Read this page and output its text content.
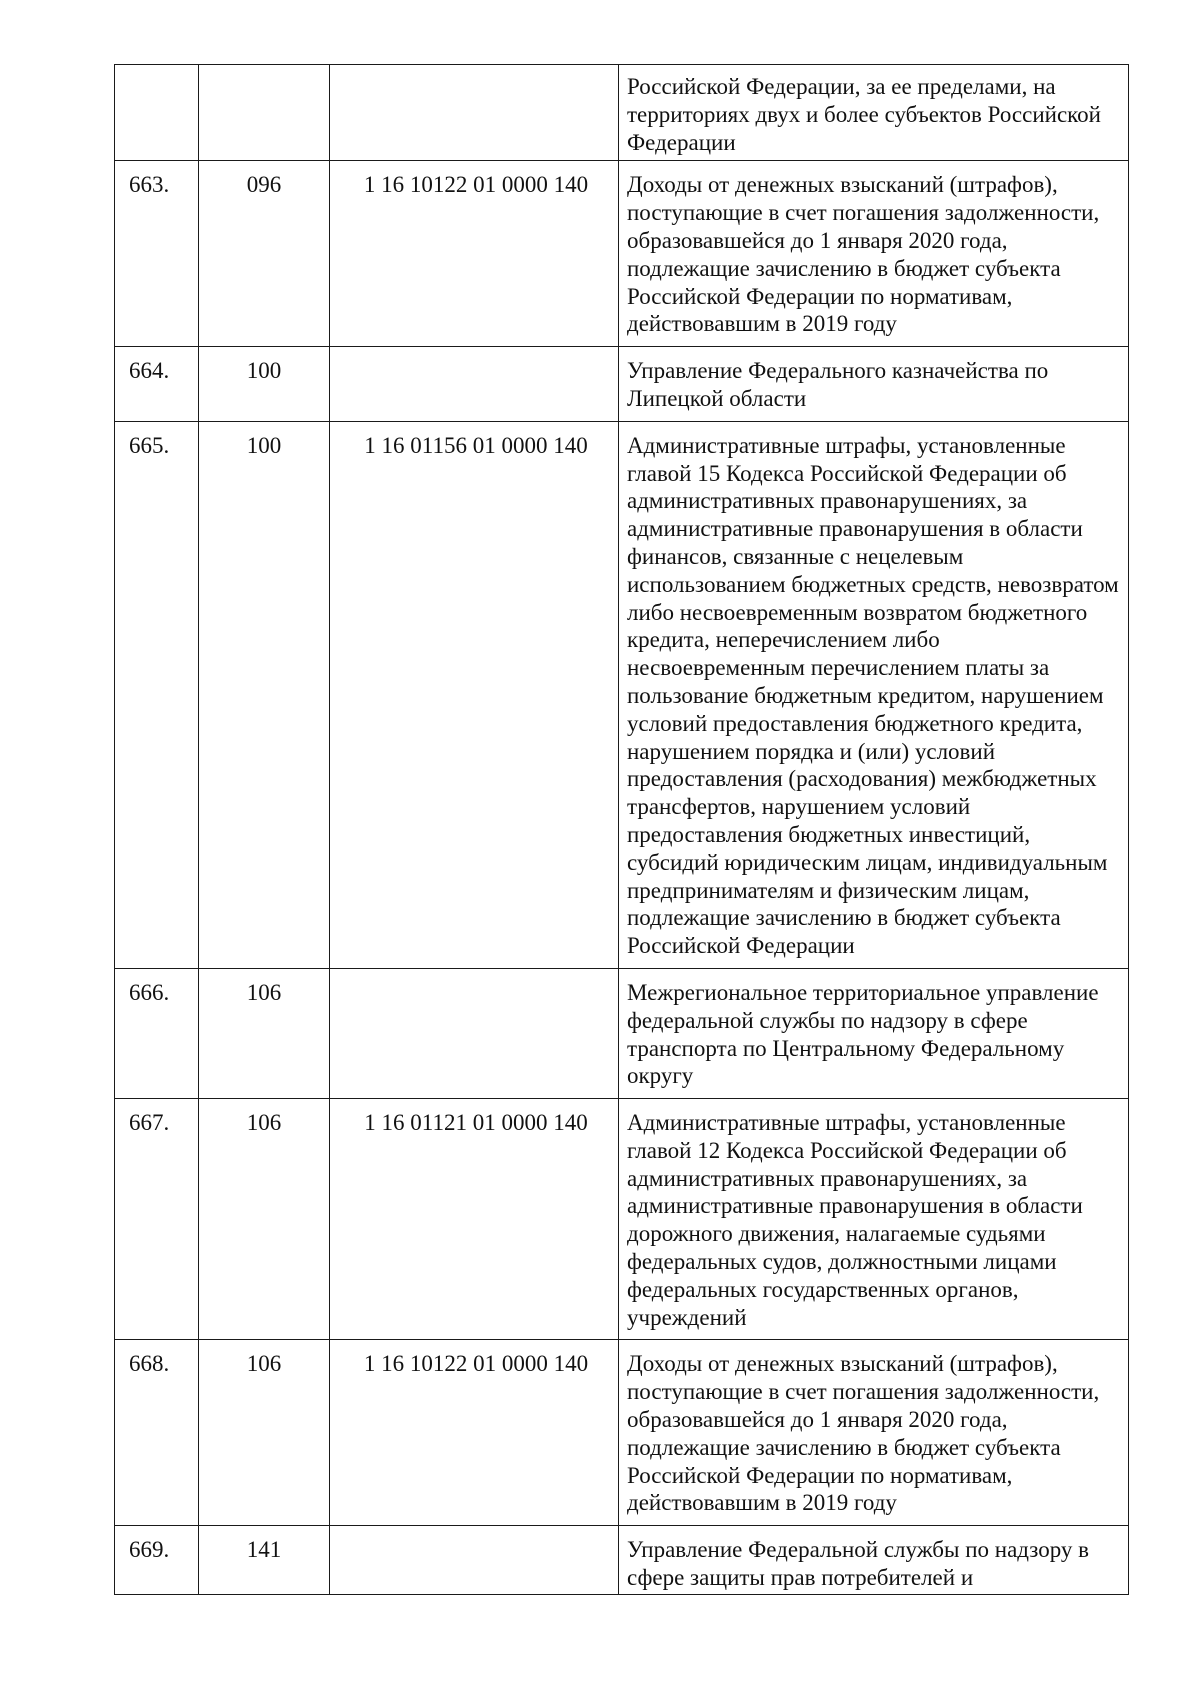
			Российской Федерации, за ее пределами, на территориях двух и более субъектов Российской Федерации
663.	096	1 16 10122 01 0000 140	Доходы от денежных взысканий (штрафов), поступающие в счет погашения задолженности, образовавшейся до 1 января 2020 года, подлежащие зачислению в бюджет субъекта Российской Федерации по нормативам, действовавшим в 2019 году
664.	100		Управление Федерального казначейства по Липецкой области
665.	100	1 16 01156 01 0000 140	Административные штрафы, установленные главой 15 Кодекса Российской Федерации об административных правонарушениях, за административные правонарушения в области финансов, связанные с нецелевым использованием бюджетных средств, невозвратом либо несвоевременным возвратом бюджетного кредита, неперечислением либо несвоевременным перечислением платы за пользование бюджетным кредитом, нарушением условий предоставления бюджетного кредита, нарушением порядка и (или) условий предоставления (расходования) межбюджетных трансфертов, нарушением условий предоставления бюджетных инвестиций, субсидий юридическим лицам, индивидуальным предпринимателям и физическим лицам, подлежащие зачислению в бюджет субъекта Российской Федерации
666.	106		Межрегиональное территориальное управление федеральной службы по надзору в сфере транспорта по Центральному Федеральному округу
667.	106	1 16 01121 01 0000 140	Административные штрафы, установленные главой 12 Кодекса Российской Федерации об административных правонарушениях, за административные правонарушения в области дорожного движения, налагаемые судьями федеральных судов, должностными лицами федеральных государственных органов, учреждений
668.	106	1 16 10122 01 0000 140	Доходы от денежных взысканий (штрафов), поступающие в счет погашения задолженности, образовавшейся до 1 января 2020 года, подлежащие зачислению в бюджет субъекта Российской Федерации по нормативам, действовавшим в 2019 году
669.	141		Управление Федеральной службы по надзору в сфере защиты прав потребителей и
